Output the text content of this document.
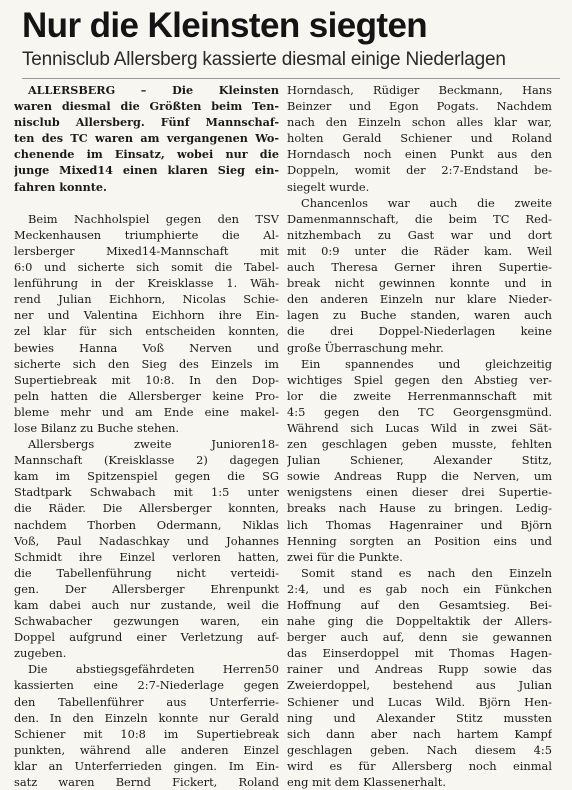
Nur die Kleinsten siegten
Tennisclub Allersberg kassierte diesmal einige Niederlagen
ALLERSBERG – Die Kleinsten
waren diesmal die Größten beim Ten-
nisclub Allersberg. Fünf Mannschaf-
ten des TC waren am vergangenen Wo-
chenende im Einsatz, wobei nur die
junge Mixed14 einen klaren Sieg ein-
fahren konnte.
Beim Nachholspiel gegen den TSV
Meckenhausen triumphierte die Al-
lersberger Mixed14-Mannschaft mit
6:0 und sicherte sich somit die Tabel-
lenführung in der Kreisklasse 1. Wäh-
rend Julian Eichhorn, Nicolas Schie-
ner und Valentina Eichhorn ihre Ein-
zel klar für sich entscheiden konnten,
bewies Hanna Voß Nerven und
sicherte sich den Sieg des Einzels im
Supertiebreak mit 10:8. In den Dop-
peln hatten die Allersberger keine Pro-
bleme mehr und am Ende eine makel-
lose Bilanz zu Buche stehen.
Allersbergs zweite Junioren18-
Mannschaft (Kreisklasse 2) dagegen
kam im Spitzenspiel gegen die SG
Stadtpark Schwabach mit 1:5 unter
die Räder. Die Allersberger konnten,
nachdem Thorben Odermann, Niklas
Voß, Paul Nadaschkay und Johannes
Schmidt ihre Einzel verloren hatten,
die Tabellenführung nicht verteidi-
gen. Der Allersberger Ehrenpunkt
kam dabei auch nur zustande, weil die
Schwabacher gezwungen waren, ein
Doppel aufgrund einer Verletzung auf-
zugeben.
Die abstiegsgefährdeten Herren50
kassierten eine 2:7-Niederlage gegen
den Tabellenführer aus Unterferrie-
den. In den Einzeln konnte nur Gerald
Schiener mit 10:8 im Supertiebreak
punkten, während alle anderen Einzel
klar an Unterferrieden gingen. Im Ein-
satz waren Bernd Fickert, Roland
Horndasch, Rüdiger Beckmann, Hans
Beinzer und Egon Pogats. Nachdem
nach den Einzeln schon alles klar war,
holten Gerald Schiener und Roland
Horndasch noch einen Punkt aus den
Doppeln, womit der 2:7-Endstand be-
siegelt wurde.
Chancenlos war auch die zweite
Damenmannschaft, die beim TC Red-
nitzhembach zu Gast war und dort
mit 0:9 unter die Räder kam. Weil
auch Theresa Gerner ihren Supertie-
break nicht gewinnen konnte und in
den anderen Einzeln nur klare Nieder-
lagen zu Buche standen, waren auch
die drei Doppel-Niederlagen keine
große Überraschung mehr.
Ein spannendes und gleichzeitig
wichtiges Spiel gegen den Abstieg ver-
lor die zweite Herrenmannschaft mit
4:5 gegen den TC Georgensgmünd.
Während sich Lucas Wild in zwei Sät-
zen geschlagen geben musste, fehlten
Julian Schiener, Alexander Stitz,
sowie Andreas Rupp die Nerven, um
wenigstens einen dieser drei Supertie-
breaks nach Hause zu bringen. Ledig-
lich Thomas Hagenrainer und Björn
Henning sorgten an Position eins und
zwei für die Punkte.
Somit stand es nach den Einzeln
2:4, und es gab noch ein Fünkchen
Hoffnung auf den Gesamtsieg. Bei-
nahe ging die Doppeltaktik der Allers-
berger auch auf, denn sie gewannen
das Einserdoppel mit Thomas Hagen-
rainer und Andreas Rupp sowie das
Zweierdoppel, bestehend aus Julian
Schiener und Lucas Wild. Björn Hen-
ning und Alexander Stitz mussten
sich dann aber nach hartem Kampf
geschlagen geben. Nach diesem 4:5
wird es für Allersberg noch einmal
eng mit dem Klassenerhalt.
